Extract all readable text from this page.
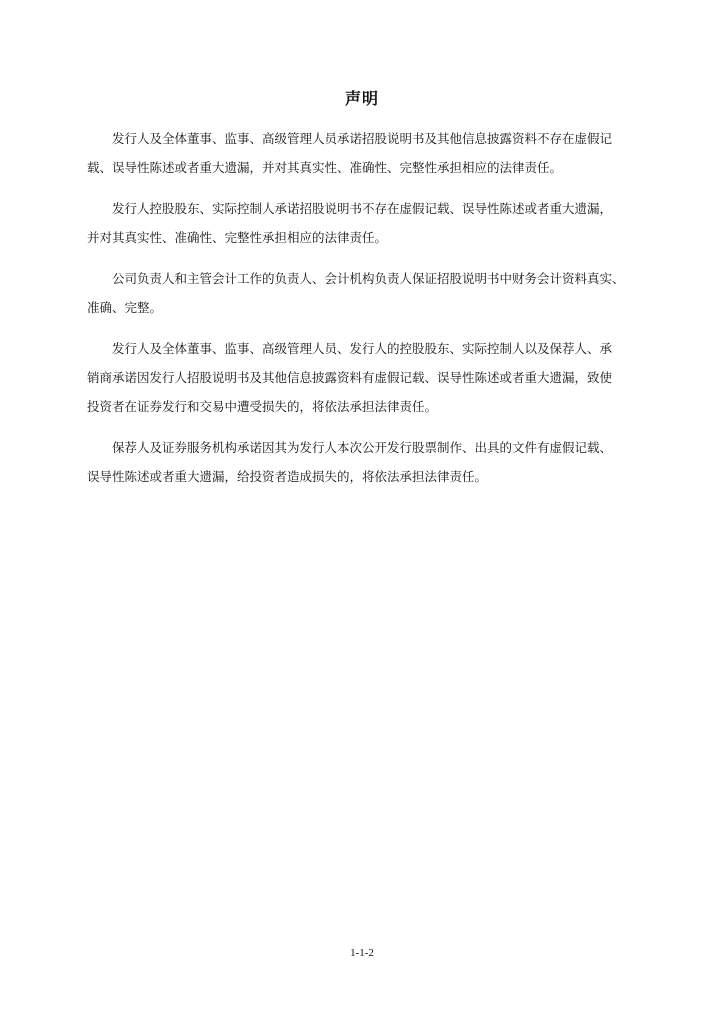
声明

发行人及全体董事、监事、高级管理人员承诺招股说明书及其他信息披露资料不存在虚假记
载、误导性陈述或者重大遗漏，并对其真实性、准确性、完整性承担相应的法律责任。

发行人控股股东、实际控制人承诺招股说明书不存在虚假记载、误导性陈述或者重大遗漏，
并对其真实性、准确性、完整性承担相应的法律责任。

公司负责人和主管会计工作的负责人、会计机构负责人保证招股说明书中财务会计资料真实、
准确、完整。

发行人及全体董事、监事、高级管理人员、发行人的控股股东、实际控制人以及保荐人、承
销商承诺因发行人招股说明书及其他信息披露资料有虚假记载、误导性陈述或者重大遗漏，致使
投资者在证券发行和交易中遭受损失的，将依法承担法律责任。

保荐人及证券服务机构承诺因其为发行人本次公开发行股票制作、出具的文件有虚假记载、
误导性陈述或者重大遗漏，给投资者造成损失的，将依法承担法律责任。

1-1-2
